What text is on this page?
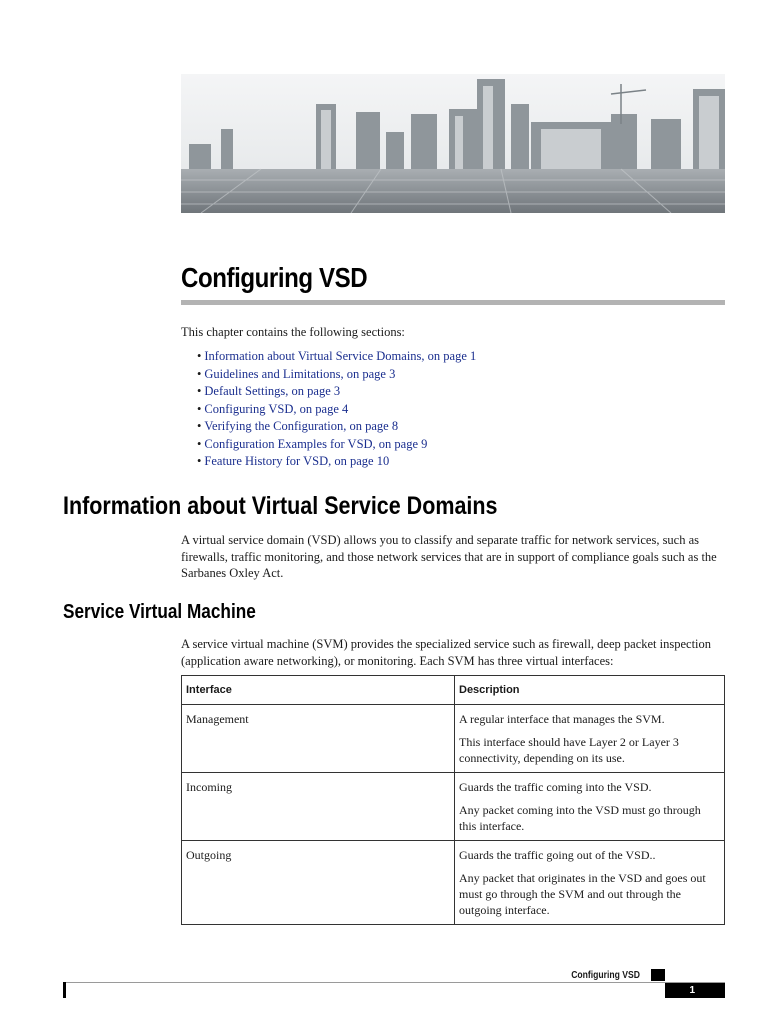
Configuring VSD

This chapter contains the following sections:

• Information about Virtual Service Domains, on page 1
• Guidelines and Limitations, on page 3
• Default Settings, on page 3
• Configuring VSD, on page 4
• Verifying the Configuration, on page 8
• Configuration Examples for VSD, on page 9
• Feature History for VSD, on page 10
Information about Virtual Service Domains

A virtual service domain (VSD) allows you to classify and separate traffic for network services, such as firewalls, traffic monitoring, and those network services that are in support of compliance goals such as the Sarbanes Oxley Act.

Service Virtual Machine

A service virtual machine (SVM) provides the specialized service such as firewall, deep packet inspection (application aware networking), or monitoring. Each SVM has three virtual interfaces:

Interface	Description
Management	A regular interface that manages the SVM.

This interface should have Layer 2 or Layer 3 connectivity, depending on its use.

Incoming	Guards the traffic coming into the VSD.

Any packet coming into the VSD must go through this interface.

Outgoing	Guards the traffic going out of the VSD..

Any packet that originates in the VSD and goes out must go through the SVM and out through the outgoing interface.

Configuring VSD
1
